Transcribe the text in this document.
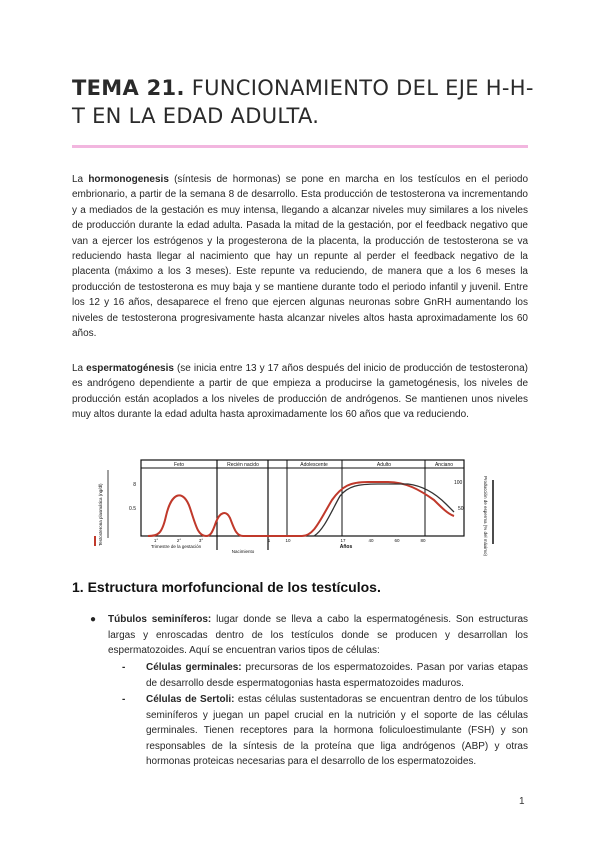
TEMA 21. FUNCIONAMIENTO DEL EJE H-H-T EN LA EDAD ADULTA.
La hormonogenesis (síntesis de hormonas) se pone en marcha en los testículos en el periodo embrionario, a partir de la semana 8 de desarrollo. Esta producción de testosterona va incrementando y a mediados de la gestación es muy intensa, llegando a alcanzar niveles muy similares a los niveles de producción durante la edad adulta. Pasada la mitad de la gestación, por el feedback negativo que van a ejercer los estrógenos y la progesterona de la placenta, la producción de testosterona se va reduciendo hasta llegar al nacimiento que hay un repunte al perder el feedback negativo de la placenta (máximo a los 3 meses). Este repunte va reduciendo, de manera que a los 6 meses la producción de testosterona es muy baja y se mantiene durante todo el periodo infantil y juvenil. Entre los 12 y 16 años, desaparece el freno que ejercen algunas neuronas sobre GnRH aumentando los niveles de testosterona progresivamente hasta alcanzar niveles altos hasta aproximadamente los 60 años.
La espermatogénesis (se inicia entre 13 y 17 años después del inicio de producción de testosterona) es andrógeno dependiente a partir de que empieza a producirse la gametogénesis, los niveles de producción están acoplados a los niveles de producción de andrógenos. Se mantienen unos niveles muy altos durante la edad adulta hasta aproximadamente los 60 años que va reduciendo.
Feto	Recién nacido	Adolescente	Adulto	Anciano
Testosterona plasmática (ng/dl)	8
0.5
100
50	Producción de esperma (% del máximo)
1°	2°	3°	1	10	17	40	60	80
Trimestre de la gestación
Nacimiento
Años
1. Estructura morfofuncional de los testículos.
● Túbulos seminíferos: lugar donde se lleva a cabo la espermatogénesis. Son estructuras largas y enroscadas dentro de los testículos donde se producen y desarrollan los espermatozoides. Aquí se encuentran varios tipos de células:
- Células germinales: precursoras de los espermatozoides. Pasan por varias etapas de desarrollo desde espermatogonias hasta espermatozoides maduros.
- Células de Sertoli: estas células sustentadoras se encuentran dentro de los túbulos seminíferos y juegan un papel crucial en la nutrición y el soporte de las células germinales. Tienen receptores para la hormona foliculoestimulante (FSH) y son responsables de la síntesis de la proteína que liga andrógenos (ABP) y otras hormonas proteicas necesarias para el desarrollo de los espermatozoides.
1
